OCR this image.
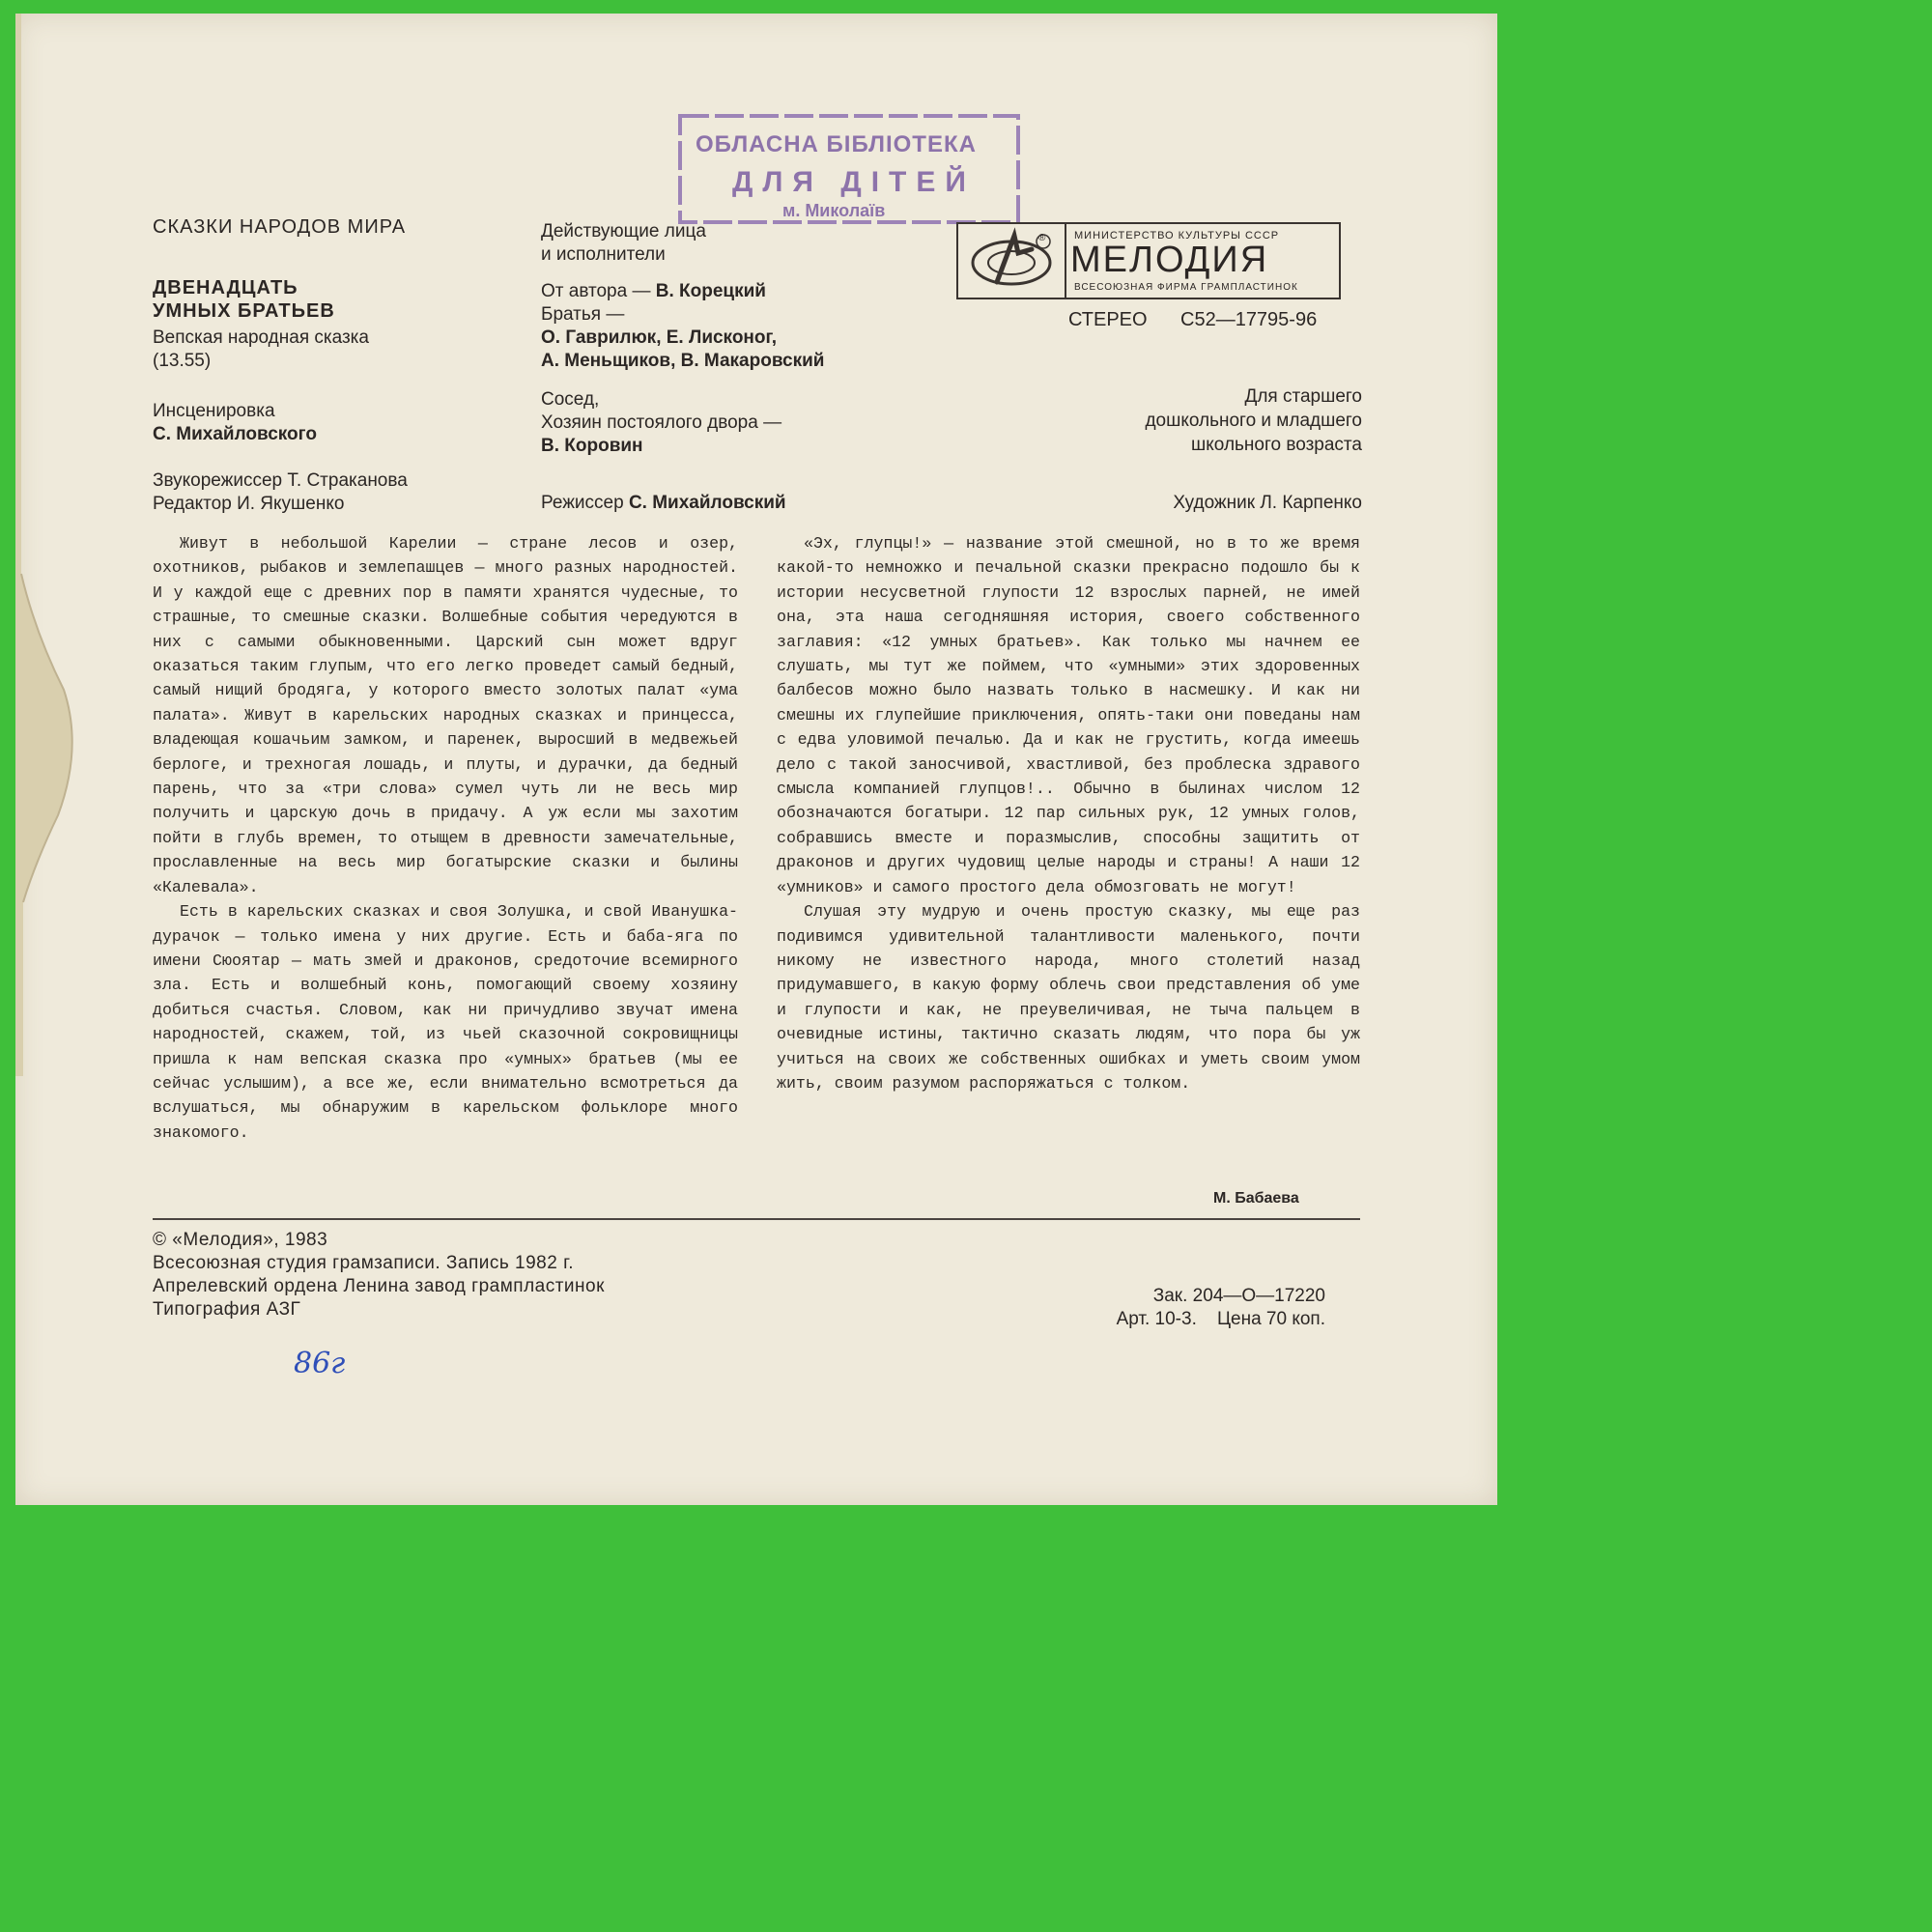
ОБЛАСНА БІБЛІОТЕКА
ДЛЯ ДІТЕЙ
м. Миколаїв
СКАЗКИ НАРОДОВ МИРА
ДВЕНАДЦАТЬ
УМНЫХ БРАТЬЕВ
Вепская народная сказка
(13.55)
Инсценировка
С. Михайловского
Звукорежиссер Т. Страканова
Редактор И. Якушенко

Действующие лица
и исполнители

От автора — В. Корецкий
Братья —
О. Гаврилюк, Е. Лисконог,
А. Меньщиков, В. Макаровский

Сосед,
Хозяин постоялого двора —
В. Коровин

Режиссер С. Михайловский
®	МИНИСТЕРСТВО КУЛЬТУРЫ СССР
МЕЛОДИЯ
ВСЕСОЮЗНАЯ ФИРМА ГРАМПЛАСТИНОК
СТЕРЕО С52—17795-96
Для старшего
дошкольного и младшего
школьного возраста
Художник Л. Карпенко

Живут в небольшой Карелии — стране лесов и озер, охотников, рыбаков и землепашцев — много разных народностей. И у каждой еще с древних пор в памяти хранятся чудесные, то страшные, то смешные сказки. Волшебные события чередуются в них с самыми обыкновенными. Царский сын может вдруг оказаться таким глупым, что его легко проведет самый бедный, самый нищий бродяга, у которого вместо золотых палат «ума палата». Живут в карельских народных сказках и принцесса, владеющая кошачьим замком, и паренек, выросший в медвежьей берлоге, и трехногая лошадь, и плуты, и дурачки, да бедный парень, что за «три слова» сумел чуть ли не весь мир получить и царскую дочь в придачу. А уж если мы захотим пойти в глубь времен, то отыщем в древности замечательные, прославленные на весь мир богатырские сказки и былины «Калевала».

Есть в карельских сказках и своя Золушка, и свой Иванушка-дурачок — только имена у них другие. Есть и баба-яга по имени Сюоятар — мать змей и драконов, средоточие всемирного зла. Есть и волшебный конь, помогающий своему хозяину добиться счастья. Словом, как ни причудливо звучат имена народностей, скажем, той, из чьей сказочной сокровищницы пришла к нам вепская сказка про «умных» братьев (мы ее сейчас услышим), а все же, если внимательно всмотреться да вслушаться, мы обнаружим в карельском фольклоре много знакомого.

«Эх, глупцы!» — название этой смешной, но в то же время какой-то немножко и печальной сказки прекрасно подошло бы к истории несусветной глупости 12 взрослых парней, не имей она, эта наша сегодняшняя история, своего собственного заглавия: «12 умных братьев». Как только мы начнем ее слушать, мы тут же поймем, что «умными» этих здоровенных балбесов можно было назвать только в насмешку. И как ни смешны их глупейшие приключения, опять-таки они поведаны нам с едва уловимой печалью. Да и как не грустить, когда имеешь дело с такой заносчивой, хвастливой, без проблеска здравого смысла компанией глупцов!.. Обычно в былинах числом 12 обозначаются богатыри. 12 пар сильных рук, 12 умных голов, собравшись вместе и поразмыслив, способны защитить от драконов и других чудовищ целые народы и страны! А наши 12 «умников» и самого простого дела обмозговать не могут!

Слушая эту мудрую и очень простую сказку, мы еще раз подивимся удивительной талантливости маленького, почти никому не известного народа, много столетий назад придумавшего, в какую форму облечь свои представления об уме и глупости и как, не преувеличивая, не тыча пальцем в очевидные истины, тактично сказать людям, что пора бы уж учиться на своих же собственных ошибках и уметь своим умом жить, своим разумом распоряжаться с толком.

М. Бабаева
© «Мелодия», 1983
Всесоюзная студия грамзаписи. Запись 1982 г.
Апрелевский ордена Ленина завод грампластинок
Типография АЗГ
Зак. 204—О—17220
Арт. 10-3.    Цена 70 коп.
86г
